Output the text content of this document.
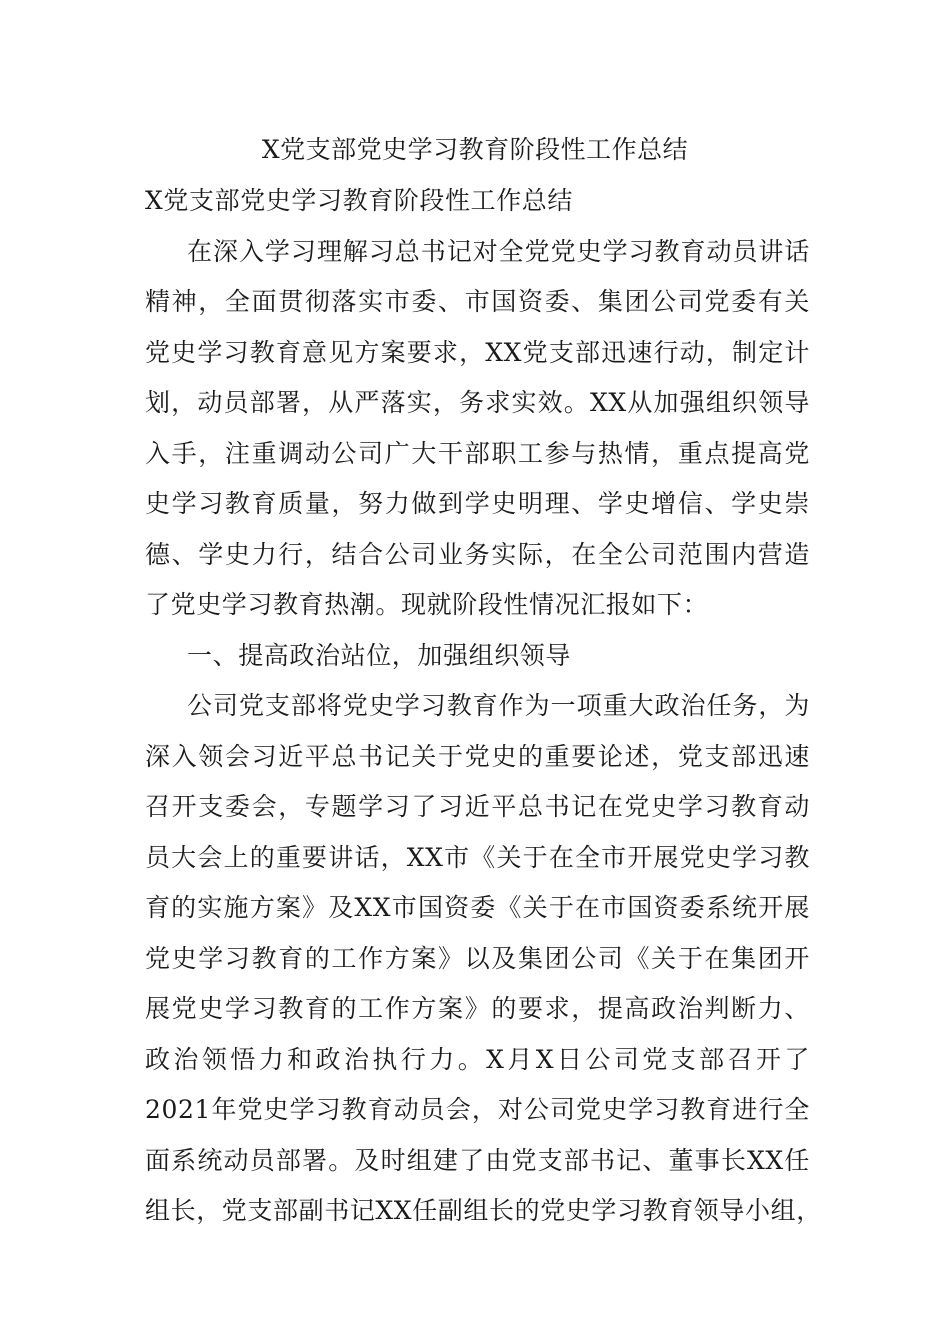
X党支部党史学习教育阶段性工作总结
X党支部党史学习教育阶段性工作总结
在深入学习理解习总书记对全党党史学习教育动员讲话
精神，全面贯彻落实市委、市国资委、集团公司党委有关
党史学习教育意见方案要求，XX党支部迅速行动，制定计
划，动员部署，从严落实，务求实效。XX从加强组织领导
入手，注重调动公司广大干部职工参与热情，重点提高党
史学习教育质量，努力做到学史明理、学史增信、学史崇
德、学史力行，结合公司业务实际，在全公司范围内营造
了党史学习教育热潮。现就阶段性情况汇报如下：
一、提高政治站位，加强组织领导
公司党支部将党史学习教育作为一项重大政治任务，为
深入领会习近平总书记关于党史的重要论述，党支部迅速
召开支委会，专题学习了习近平总书记在党史学习教育动
员大会上的重要讲话，XX市《关于在全市开展党史学习教
育的实施方案》及XX市国资委《关于在市国资委系统开展
党史学习教育的工作方案》以及集团公司《关于在集团开
展党史学习教育的工作方案》的要求，提高政治判断力、
政治领悟力和政治执行力。X月X日公司党支部召开了
2021年党史学习教育动员会，对公司党史学习教育进行全
面系统动员部署。及时组建了由党支部书记、董事长XX任
组长，党支部副书记XX任副组长的党史学习教育领导小组，
